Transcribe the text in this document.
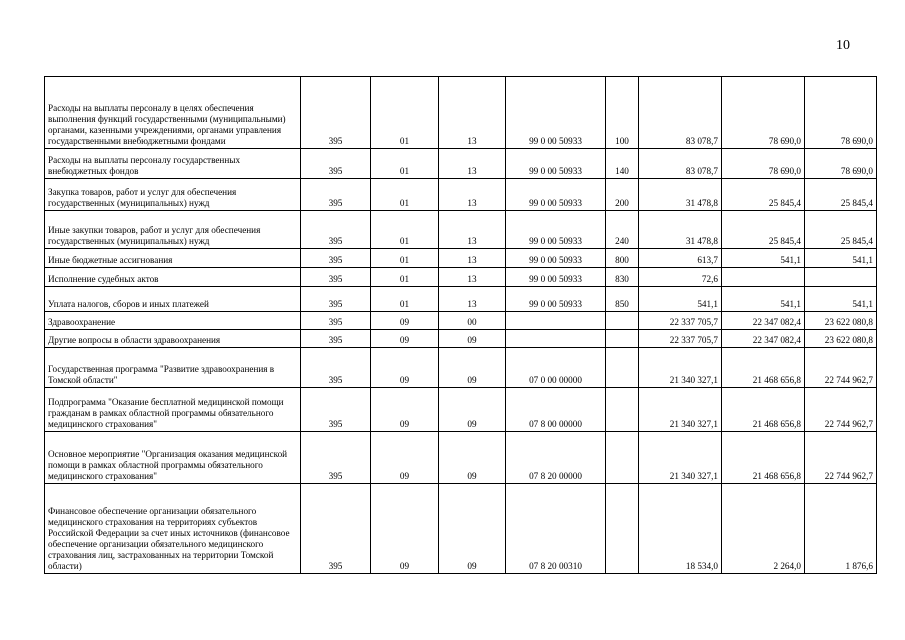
10
Расходы на выплаты персоналу в целях обеспечения выполнения функций государственными (муниципальными) органами, казенными учреждениями, органами управления государственными внебюджетными фондами	395	01	13	99 0 00 50933	100	83 078,7	78 690,0	78 690,0
Расходы на выплаты персоналу государственных внебюджетных фондов	395	01	13	99 0 00 50933	140	83 078,7	78 690,0	78 690,0
Закупка товаров, работ и услуг для обеспечения государственных (муниципальных) нужд	395	01	13	99 0 00 50933	200	31 478,8	25 845,4	25 845,4
Иные закупки товаров, работ и услуг для обеспечения государственных (муниципальных) нужд	395	01	13	99 0 00 50933	240	31 478,8	25 845,4	25 845,4
Иные бюджетные ассигнования	395	01	13	99 0 00 50933	800	613,7	541,1	541,1
Исполнение судебных актов	395	01	13	99 0 00 50933	830	72,6		
Уплата налогов, сборов и иных платежей	395	01	13	99 0 00 50933	850	541,1	541,1	541,1
Здравоохранение	395	09	00			22 337 705,7	22 347 082,4	23 622 080,8
Другие вопросы в области здравоохранения	395	09	09			22 337 705,7	22 347 082,4	23 622 080,8
Государственная программа "Развитие здравоохранения в Томской области"	395	09	09	07 0 00 00000		21 340 327,1	21 468 656,8	22 744 962,7
Подпрограмма "Оказание бесплатной медицинской помощи гражданам в рамках областной программы обязательного медицинского страхования"	395	09	09	07 8 00 00000		21 340 327,1	21 468 656,8	22 744 962,7
Основное мероприятие "Организация оказания медицинской помощи в рамках областной программы обязательного медицинского страхования"	395	09	09	07 8 20 00000		21 340 327,1	21 468 656,8	22 744 962,7
Финансовое обеспечение организации обязательного медицинского страхования на территориях субъектов Российской Федерации за счет иных источников (финансовое обеспечение организации обязательного медицинского страхования лиц, застрахованных на территории Томской области)	395	09	09	07 8 20 00310		18 534,0	2 264,0	1 876,6
